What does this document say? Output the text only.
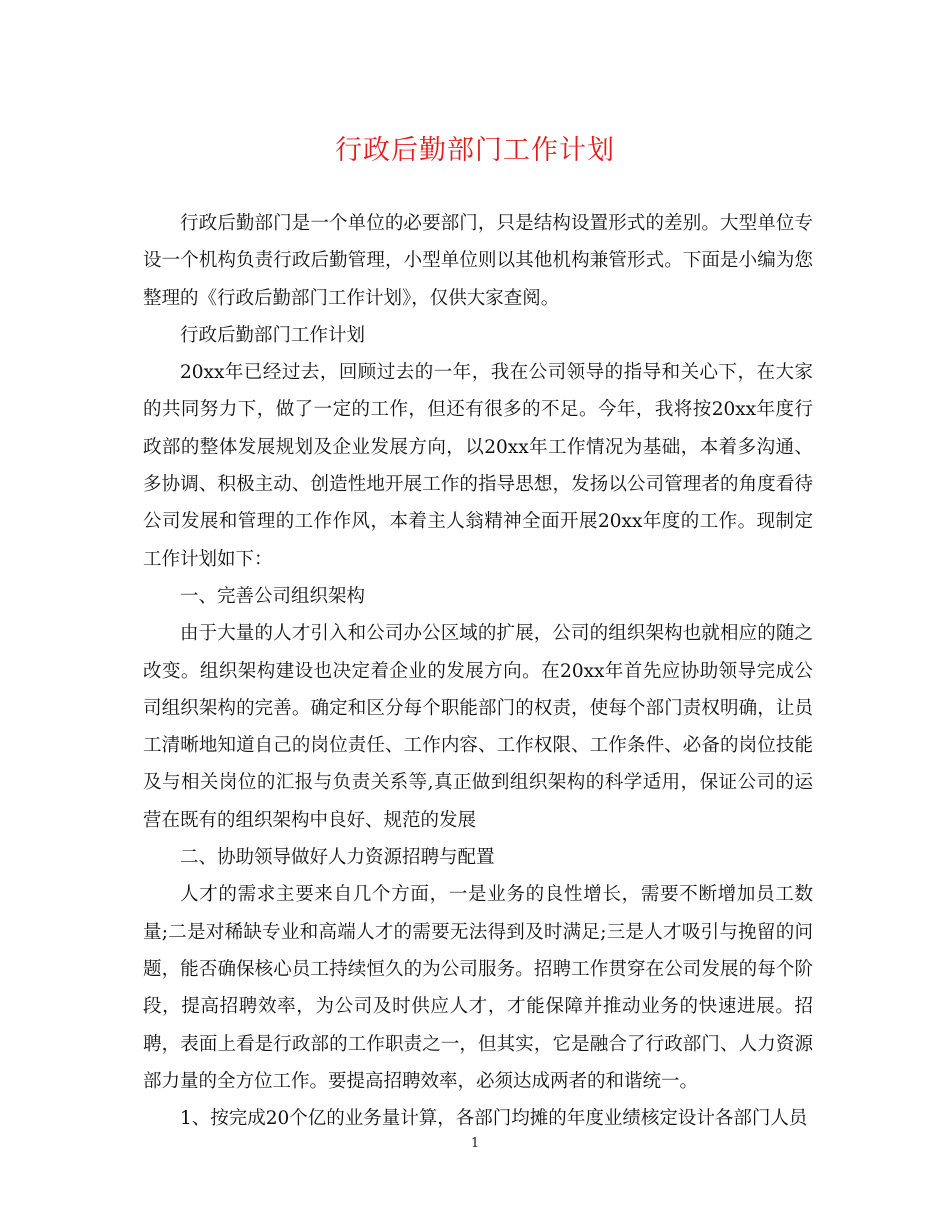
行政后勤部门工作计划

行政后勤部门是一个单位的必要部门，只是结构设置形式的差别。大型单位专设一个机构负责行政后勤管理，小型单位则以其他机构兼管形式。下面是小编为您整理的《行政后勤部门工作计划》，仅供大家查阅。

行政后勤部门工作计划

20xx年已经过去，回顾过去的一年，我在公司领导的指导和关心下，在大家的共同努力下，做了一定的工作，但还有很多的不足。今年，我将按20xx年度行政部的整体发展规划及企业发展方向，以20xx年工作情况为基础，本着多沟通、多协调、积极主动、创造性地开展工作的指导思想，发扬以公司管理者的角度看待公司发展和管理的工作作风，本着主人翁精神全面开展20xx年度的工作。现制定工作计划如下：

一、完善公司组织架构

由于大量的人才引入和公司办公区域的扩展，公司的组织架构也就相应的随之改变。组织架构建设也决定着企业的发展方向。在20xx年首先应协助领导完成公司组织架构的完善。确定和区分每个职能部门的权责，使每个部门责权明确，让员工清晰地知道自己的岗位责任、工作内容、工作权限、工作条件、必备的岗位技能及与相关岗位的汇报与负责关系等,真正做到组织架构的科学适用，保证公司的运营在既有的组织架构中良好、规范的发展

二、协助领导做好人力资源招聘与配置

人才的需求主要来自几个方面，一是业务的良性增长，需要不断增加员工数量;二是对稀缺专业和高端人才的需要无法得到及时满足;三是人才吸引与挽留的问题，能否确保核心员工持续恒久的为公司服务。招聘工作贯穿在公司发展的每个阶段，提高招聘效率，为公司及时供应人才，才能保障并推动业务的快速进展。招聘，表面上看是行政部的工作职责之一，但其实，它是融合了行政部门、人力资源部力量的全方位工作。要提高招聘效率，必须达成两者的和谐统一。

1、按完成20个亿的业务量计算，各部门均摊的年度业绩核定设计各部门人员

1
